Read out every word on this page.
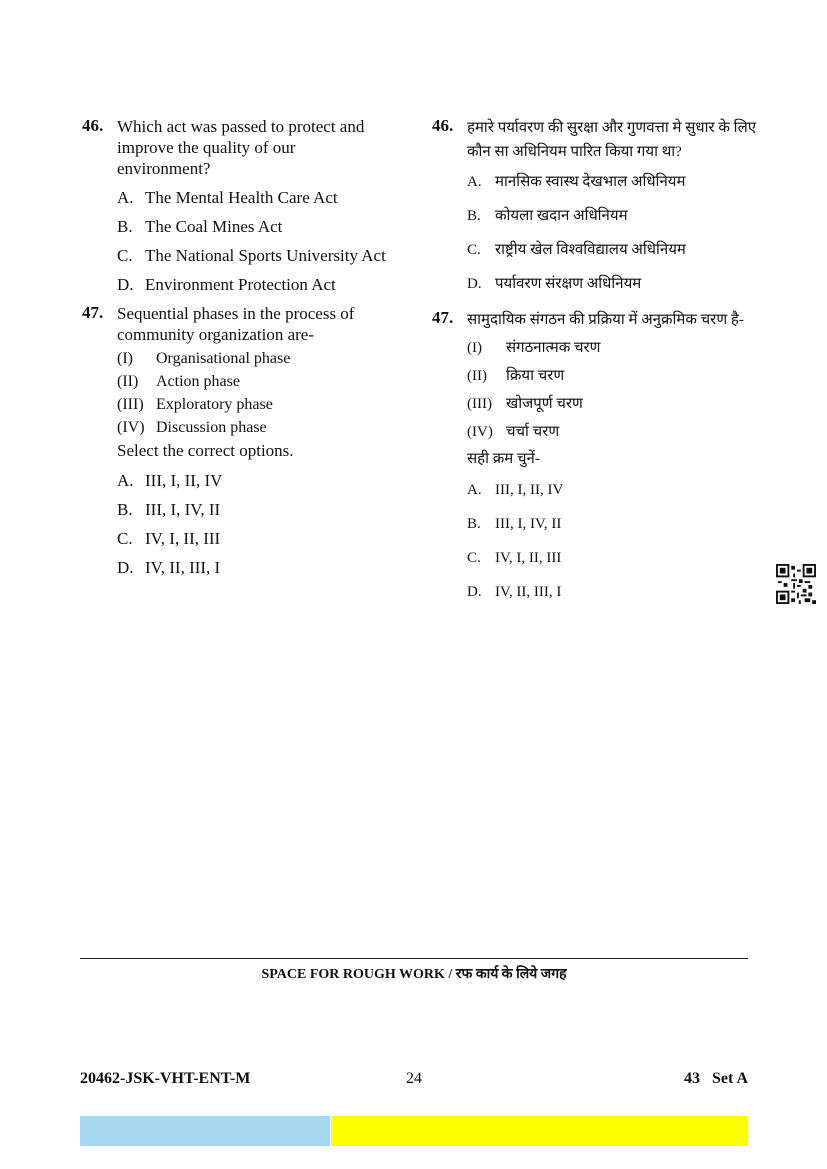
46. Which act was passed to protect and improve the quality of our environment?
A. The Mental Health Care Act
B. The Coal Mines Act
C. The National Sports University Act
D. Environment Protection Act
47. Sequential phases in the process of community organization are-
(I)	Organisational phase
(II)	Action phase
(III) Exploratory phase
(IV) Discussion phase
Select the correct options.
A. III, I, II, IV
B. III, I, IV, II
C. IV, I, II, III
D. IV, II, III, I
46. हमारे पर्यावरण की सुरक्षा और गुणवत्ता मे सुधार के लिए कौन सा अधिनियम पारित किया गया था?
A. मानसिक स्वास्थ देखभाल अधिनियम
B. कोयला खदान अधिनियम
C. राष्ट्रीय खेल विश्वविद्यालय अधिनियम
D. पर्यावरण संरक्षण अधिनियम
47. सामुदायिक संगठन की प्रक्रिया में अनुक्रमिक चरण है-
(I)	संगठनात्मक चरण
(II)	क्रिया चरण
(III) खोजपूर्ण चरण
(IV) चर्चा चरण
सही क्रम चुनें-
A. III, I, II, IV
B. III, I, IV, II
C. IV, I, II, III
D. IV, II, III, I
SPACE FOR ROUGH WORK / रफ कार्य के लिये जगह
20462-JSK-VHT-ENT-M	24	43   Set A
